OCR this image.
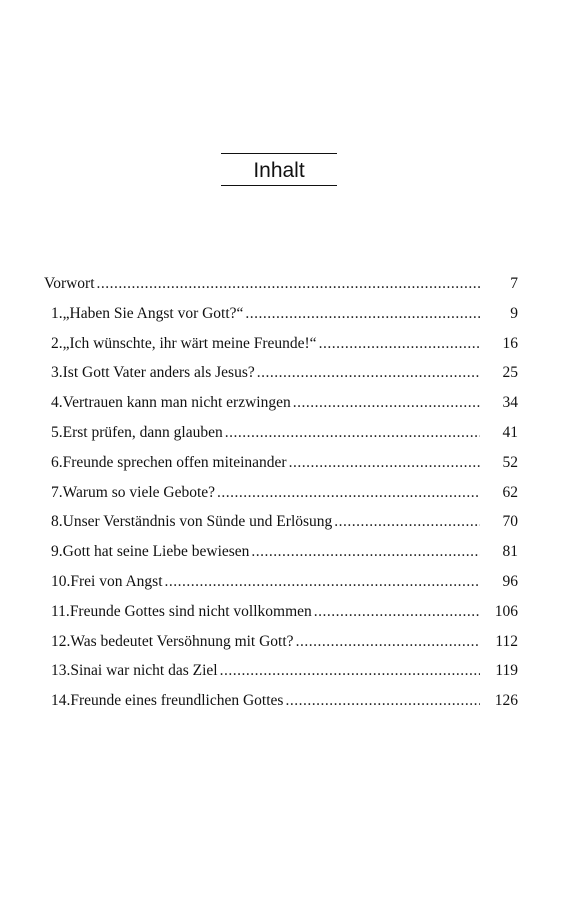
Inhalt
Vorwort .....	7
1. „Haben Sie Angst vor Gott?“ .....	9
2. „Ich wünschte, ihr wärt meine Freunde!“ .....	16
3. Ist Gott Vater anders als Jesus? .....	25
4. Vertrauen kann man nicht erzwingen .....	34
5. Erst prüfen, dann glauben .....	41
6. Freunde sprechen offen miteinander .....	52
7. Warum so viele Gebote? .....	62
8. Unser Verständnis von Sünde und Erlösung .....	70
9. Gott hat seine Liebe bewiesen .....	81
10. Frei von Angst .....	96
11. Freunde Gottes sind nicht vollkommen .....	106
12. Was bedeutet Versöhnung mit Gott? .....	112
13. Sinai war nicht das Ziel .....	119
14. Freunde eines freundlichen Gottes .....	126
